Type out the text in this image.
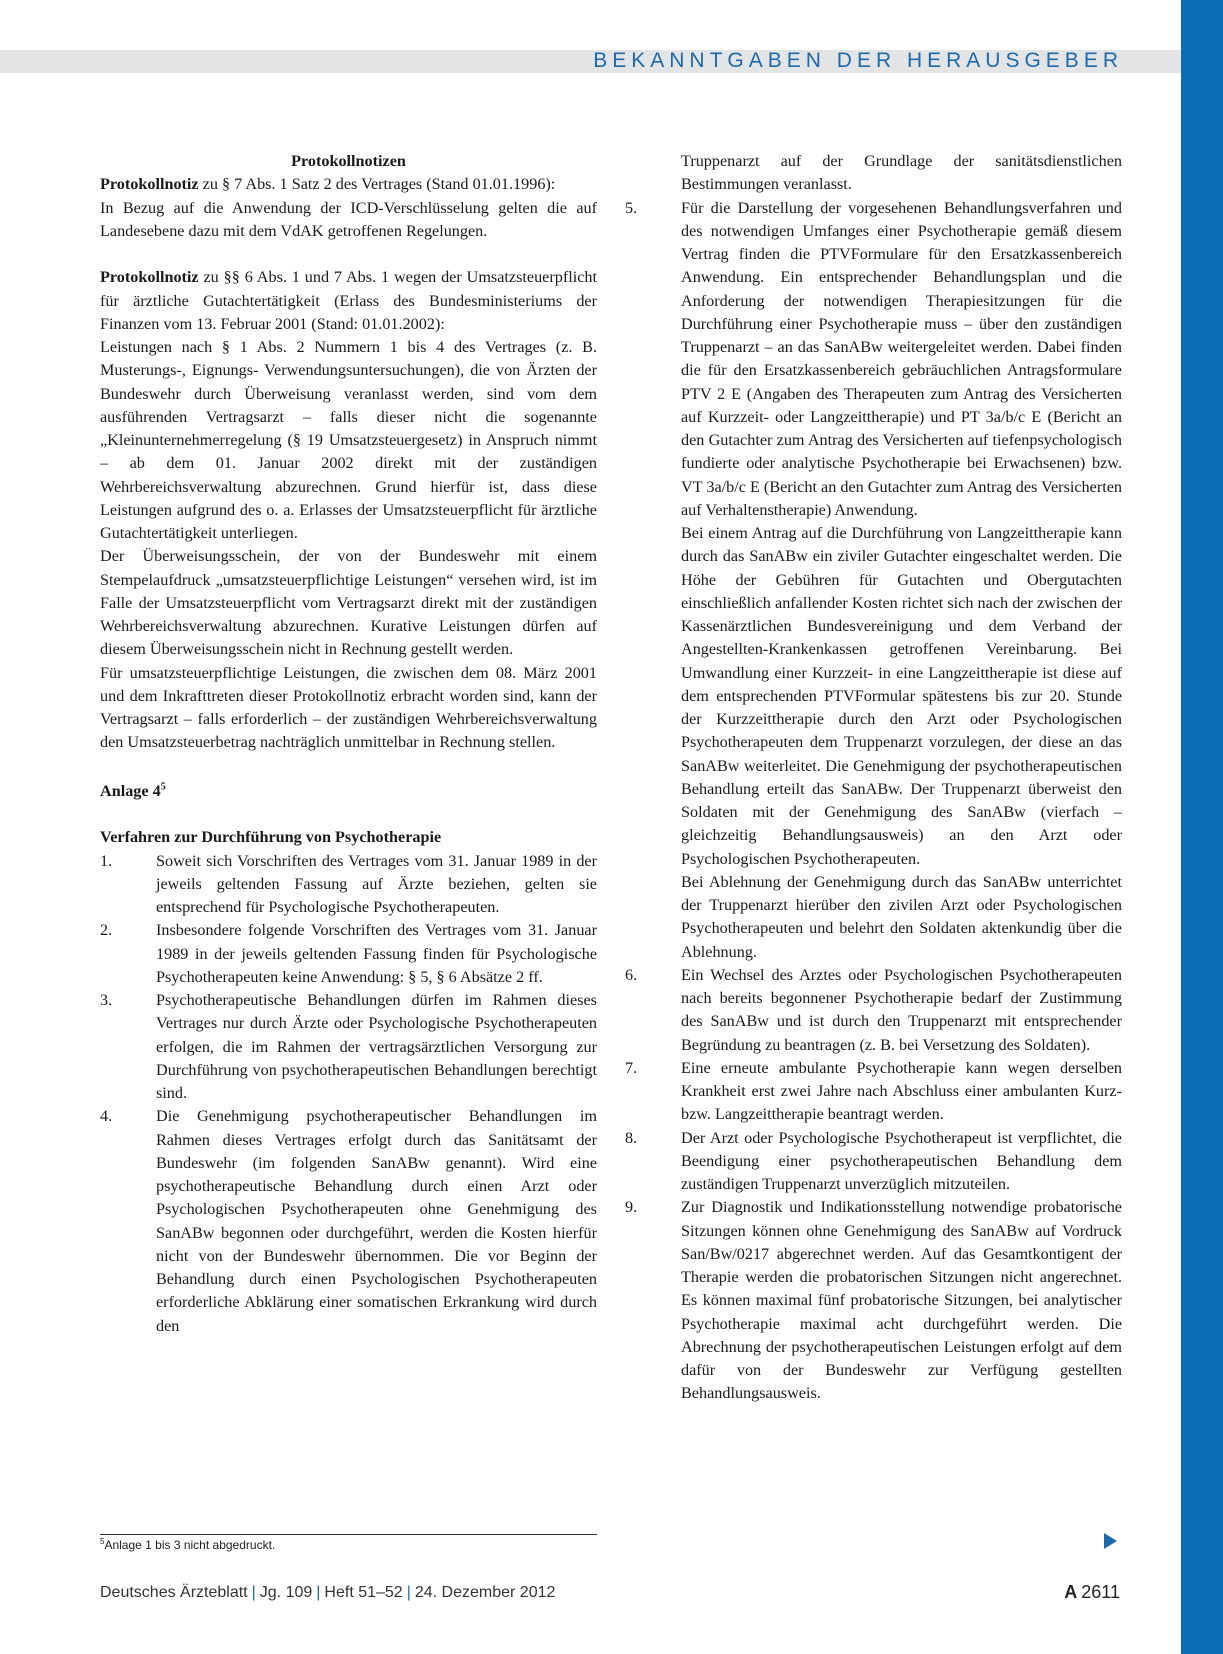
BEKANNTGABEN DER HERAUSGEBER
Protokollnotizen

Protokollnotiz zu § 7 Abs. 1 Satz 2 des Vertrages (Stand 01.01.1996):

In Bezug auf die Anwendung der ICD-Verschlüsselung gelten die auf Landesebene dazu mit dem VdAK getroffenen Regelungen.

Protokollnotiz zu §§ 6 Abs. 1 und 7 Abs. 1 wegen der Umsatzsteuerpflicht für ärztliche Gutachtertätigkeit (Erlass des Bundesministeriums der Finanzen vom 13. Februar 2001 (Stand: 01.01.2002):

Leistungen nach § 1 Abs. 2 Nummern 1 bis 4 des Vertrages (z. B. Musterungs-, Eignungs- Verwendungsuntersuchungen), die von Ärzten der Bundeswehr durch Überweisung veranlasst werden, sind vom dem ausführenden Vertragsarzt – falls dieser nicht die sogenannte „Kleinunternehmerregelung (§ 19 Umsatzsteuergesetz) in Anspruch nimmt – ab dem 01. Januar 2002 direkt mit der zuständigen Wehrbereichsverwaltung abzurechnen. Grund hierfür ist, dass diese Leistungen aufgrund des o. a. Erlasses der Umsatzsteuerpflicht für ärztliche Gutachtertätigkeit unterliegen.

Der Überweisungsschein, der von der Bundeswehr mit einem Stempelaufdruck „umsatzsteuerpflichtige Leistungen“ versehen wird, ist im Falle der Umsatzsteuerpflicht vom Vertragsarzt direkt mit der zuständigen Wehrbereichsverwaltung abzurechnen. Kurative Leistungen dürfen auf diesem Überweisungsschein nicht in Rechnung gestellt werden.

Für umsatzsteuerpflichtige Leistungen, die zwischen dem 08. März 2001 und dem Inkrafttreten dieser Protokollnotiz erbracht worden sind, kann der Vertragsarzt – falls erforderlich – der zuständigen Wehrbereichsverwaltung den Umsatzsteuerbetrag nachträglich unmittelbar in Rechnung stellen.

Anlage $4^5$
Verfahren zur Durchführung von Psychotherapie
1.	Soweit sich Vorschriften des Vertrages vom 31. Januar 1989 in der jeweils geltenden Fassung auf Ärzte beziehen, gelten sie entsprechend für Psychologische Psychotherapeuten.
2.	Insbesondere folgende Vorschriften des Vertrages vom 31. Januar 1989 in der jeweils geltenden Fassung finden für Psychologische Psychotherapeuten keine Anwendung: § 5, § 6 Absätze 2 ff.
3.	Psychotherapeutische Behandlungen dürfen im Rahmen dieses Vertrages nur durch Ärzte oder Psychologische Psychotherapeuten erfolgen, die im Rahmen der vertragsärztlichen Versorgung zur Durchführung von psychotherapeutischen Behandlungen berechtigt sind.
4.	Die Genehmigung psychotherapeutischer Behandlungen im Rahmen dieses Vertrages erfolgt durch das Sanitätsamt der Bundeswehr (im folgenden SanABw genannt). Wird eine psychotherapeutische Behandlung durch einen Arzt oder Psychologischen Psychotherapeuten ohne Genehmigung des SanABw begonnen oder durchgeführt, werden die Kosten hierfür nicht von der Bundeswehr übernommen. Die vor Beginn der Behandlung durch einen Psychologischen Psychotherapeuten erforderliche Abklärung einer somatischen Erkrankung wird durch den
Truppenarzt auf der Grundlage der sanitätsdienstlichen Bestimmungen veranlasst.
5.	Für die Darstellung der vorgesehenen Behandlungsverfahren und des notwendigen Umfanges einer Psychotherapie gemäß diesem Vertrag finden die PTVFormulare für den Ersatzkassenbereich Anwendung. Ein entsprechender Behandlungsplan und die Anforderung der notwendigen Therapiesitzungen für die Durchführung einer Psychotherapie muss – über den zuständigen Truppenarzt – an das SanABw weitergeleitet werden. Dabei finden die für den Ersatzkassenbereich gebräuchlichen Antragsformulare PTV 2 E (Angaben des Therapeuten zum Antrag des Versicherten auf Kurzzeit- oder Langzeittherapie) und PT 3a/b/c E (Bericht an den Gutachter zum Antrag des Versicherten auf tiefenpsychologisch fundierte oder analytische Psychotherapie bei Erwachsenen) bzw. VT 3a/b/c E (Bericht an den Gutachter zum Antrag des Versicherten auf Verhaltenstherapie) Anwendung.
Bei einem Antrag auf die Durchführung von Langzeittherapie kann durch das SanABw ein ziviler Gutachter eingeschaltet werden. Die Höhe der Gebühren für Gutachten und Obergutachten einschließlich anfallender Kosten richtet sich nach der zwischen der Kassenärztlichen Bundesvereinigung und dem Verband der Angestellten-Krankenkassen getroffenen Vereinbarung. Bei Umwandlung einer Kurzzeit- in eine Langzeittherapie ist diese auf dem entsprechenden PTVFormular spätestens bis zur 20. Stunde der Kurzzeittherapie durch den Arzt oder Psychologischen Psychotherapeuten dem Truppenarzt vorzulegen, der diese an das SanABw weiterleitet. Die Genehmigung der psychotherapeutischen Behandlung erteilt das SanABw. Der Truppenarzt überweist den Soldaten mit der Genehmigung des SanABw (vierfach – gleichzeitig Behandlungsausweis) an den Arzt oder Psychologischen Psychotherapeuten.
Bei Ablehnung der Genehmigung durch das SanABw unterrichtet der Truppenarzt hierüber den zivilen Arzt oder Psychologischen Psychotherapeuten und belehrt den Soldaten aktenkundig über die Ablehnung.
6.	Ein Wechsel des Arztes oder Psychologischen Psychotherapeuten nach bereits begonnener Psychotherapie bedarf der Zustimmung des SanABw und ist durch den Truppenarzt mit entsprechender Begründung zu beantragen (z. B. bei Versetzung des Soldaten).
7.	Eine erneute ambulante Psychotherapie kann wegen derselben Krankheit erst zwei Jahre nach Abschluss einer ambulanten Kurz- bzw. Langzeittherapie beantragt werden.
8.	Der Arzt oder Psychologische Psychotherapeut ist verpflichtet, die Beendigung einer psychotherapeutischen Behandlung dem zuständigen Truppenarzt unverzüglich mitzuteilen.
9.	Zur Diagnostik und Indikationsstellung notwendige probatorische Sitzungen können ohne Genehmigung des SanABw auf Vordruck San/Bw/0217 abgerechnet werden. Auf das Gesamtkontigent der Therapie werden die probatorischen Sitzungen nicht angerechnet. Es können maximal fünf probatorische Sitzungen, bei analytischer Psychotherapie maximal acht durchgeführt werden. Die Abrechnung der psychotherapeutischen Leistungen erfolgt auf dem dafür von der Bundeswehr zur Verfügung gestellten Behandlungsausweis.
$^5$Anlage 1 bis 3 nicht abgedruckt.
Deutsches Ärzteblatt | Jg. 109 | Heft 51–52 | 24. Dezember 2012	A 2611
